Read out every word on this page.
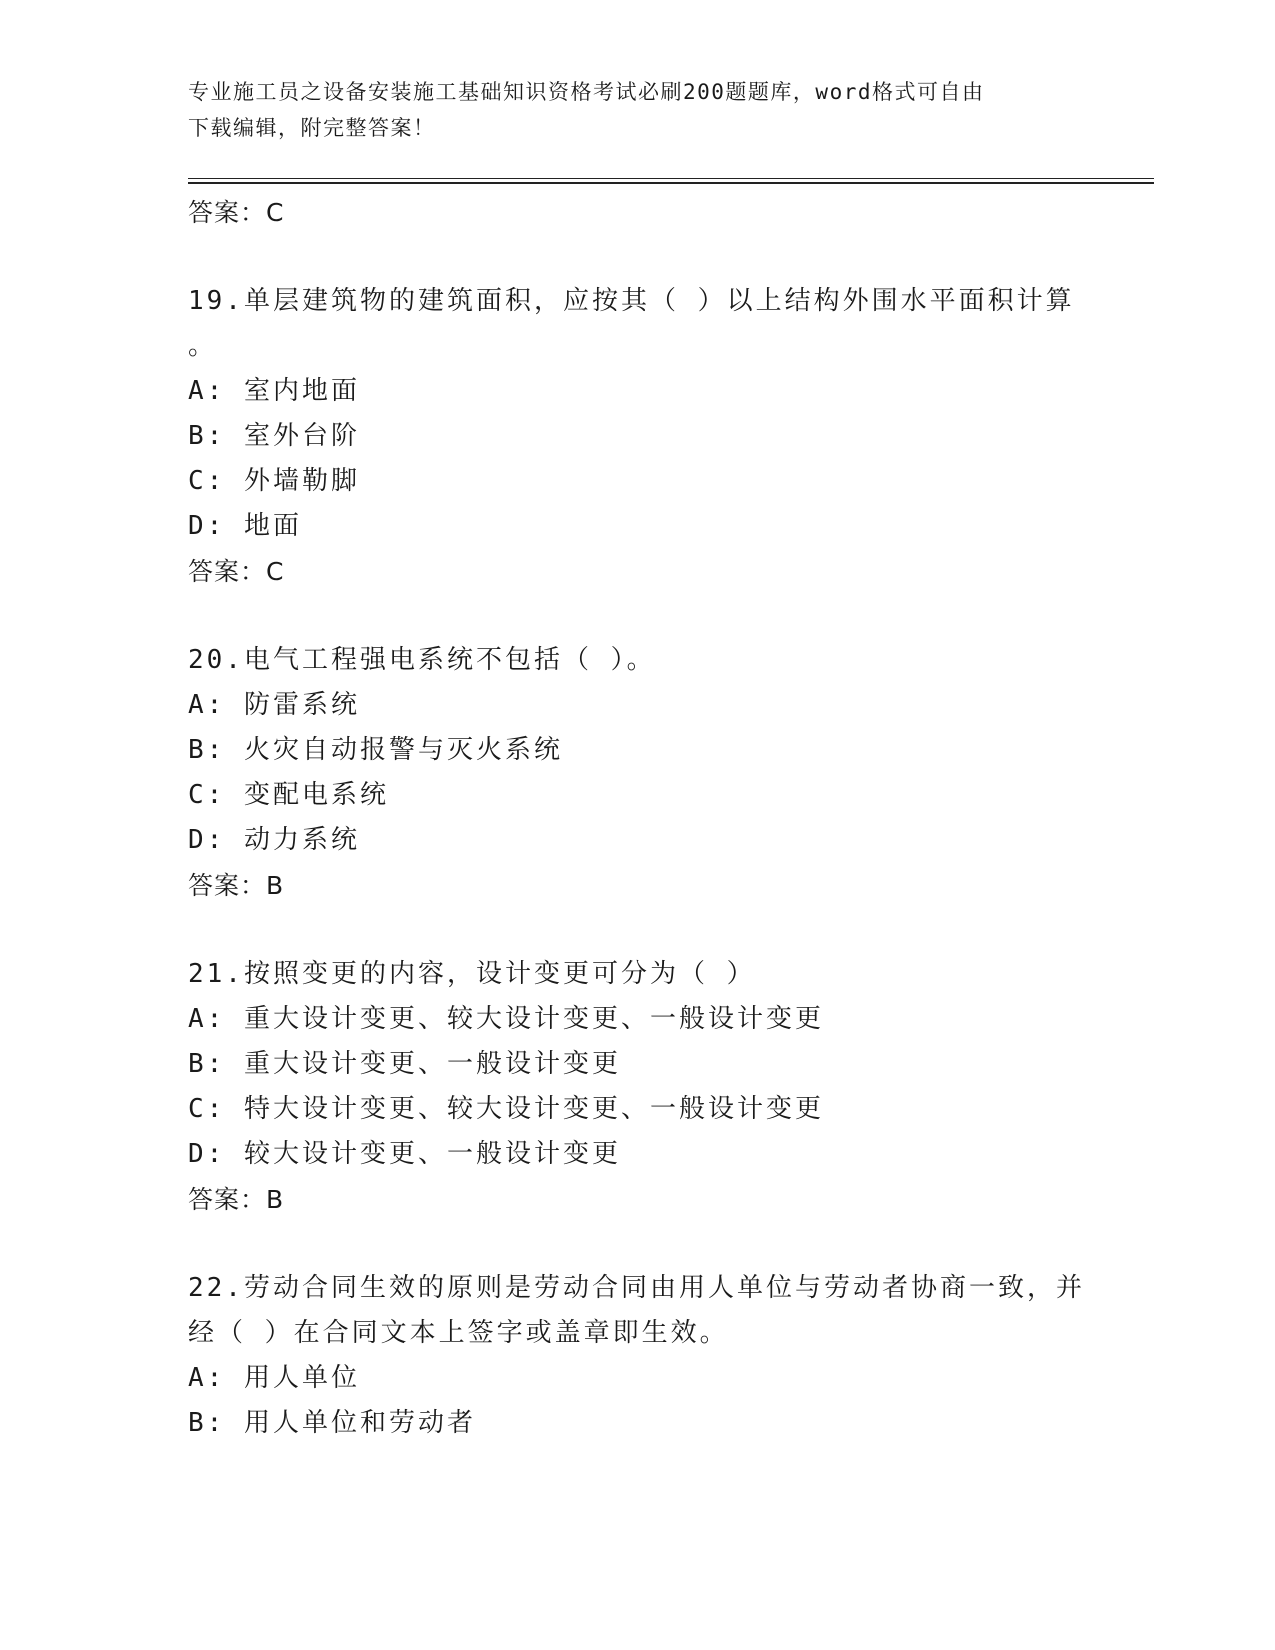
专业施工员之设备安装施工基础知识资格考试必刷200题题库，word格式可自由
下载编辑，附完整答案！
答案：C
19.单层建筑物的建筑面积，应按其（ ）以上结构外围水平面积计算
。
A: 室内地面
B: 室外台阶
C: 外墙勒脚
D: 地面
答案：C
20.电气工程强电系统不包括（ ）。
A: 防雷系统
B: 火灾自动报警与灭火系统
C: 变配电系统
D: 动力系统
答案：B
21.按照变更的内容，设计变更可分为（ ）
A: 重大设计变更、较大设计变更、一般设计变更
B: 重大设计变更、一般设计变更
C: 特大设计变更、较大设计变更、一般设计变更
D: 较大设计变更、一般设计变更
答案：B
22.劳动合同生效的原则是劳动合同由用人单位与劳动者协商一致，并
经（ ）在合同文本上签字或盖章即生效。
A: 用人单位
B: 用人单位和劳动者
